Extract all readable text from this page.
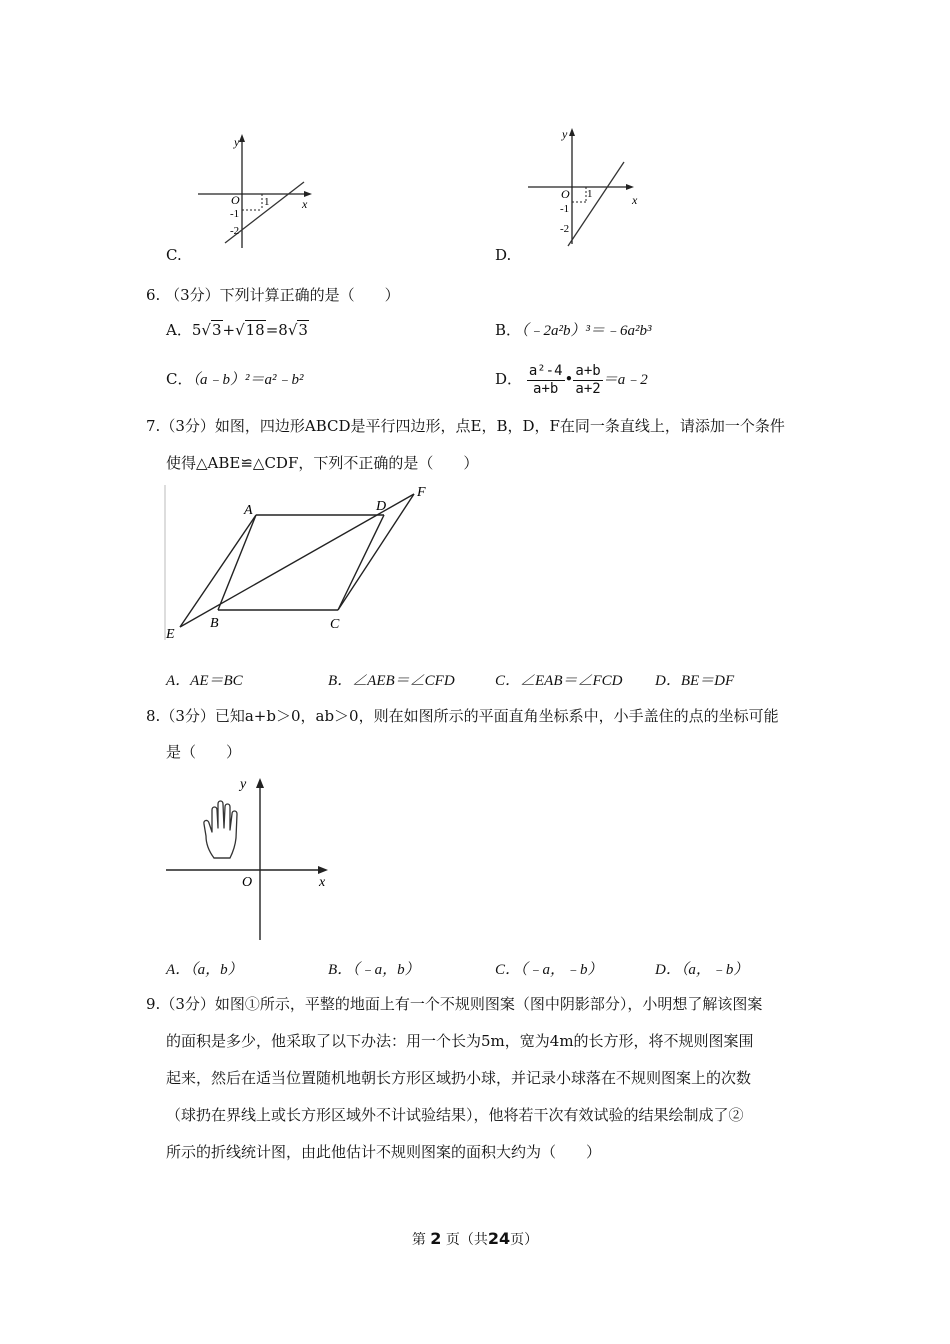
y
x
O 1
-1
-2
C.
y
x
O 1
-1
-2
D.
6. （3分）下列计算正确的是（　　）
A．5√3+√18=8√3	B．（﹣2a²b）³＝﹣6a²b³
C．（a﹣b）²＝a²﹣b²	D． $\frac{\text{a²-4}}{a+b}$ • $\frac{a+b}{a+2}$ ＝a﹣2
7.（3分）如图，四边形ABCD是平行四边形，点E，B，D，F在同一条直线上，请添加一个条件
使得△ABE≌△CDF，下列不正确的是（　　）
A	D
F
E
B	C
A．AE＝BC	B．∠AEB＝∠CFD	C．∠EAB＝∠FCD D．BE＝DF
8.（3分）已知a+b＞0，ab＞0，则在如图所示的平面直角坐标系中，小手盖住的点的坐标可能
是（　　）
y
x
O
A．（a，b）	B．（﹣a，b）	C．（﹣a，﹣b）	D．（a，﹣b）
9.（3分）如图①所示，平整的地面上有一个不规则图案（图中阴影部分），小明想了解该图案
的面积是多少，他采取了以下办法：用一个长为5m，宽为4m的长方形，将不规则图案围
起来，然后在适当位置随机地朝长方形区域扔小球，并记录小球落在不规则图案上的次数
（球扔在界线上或长方形区域外不计试验结果），他将若干次有效试验的结果绘制成了②
所示的折线统计图，由此他估计不规则图案的面积大约为（　　）
第 2 页（共24页）
